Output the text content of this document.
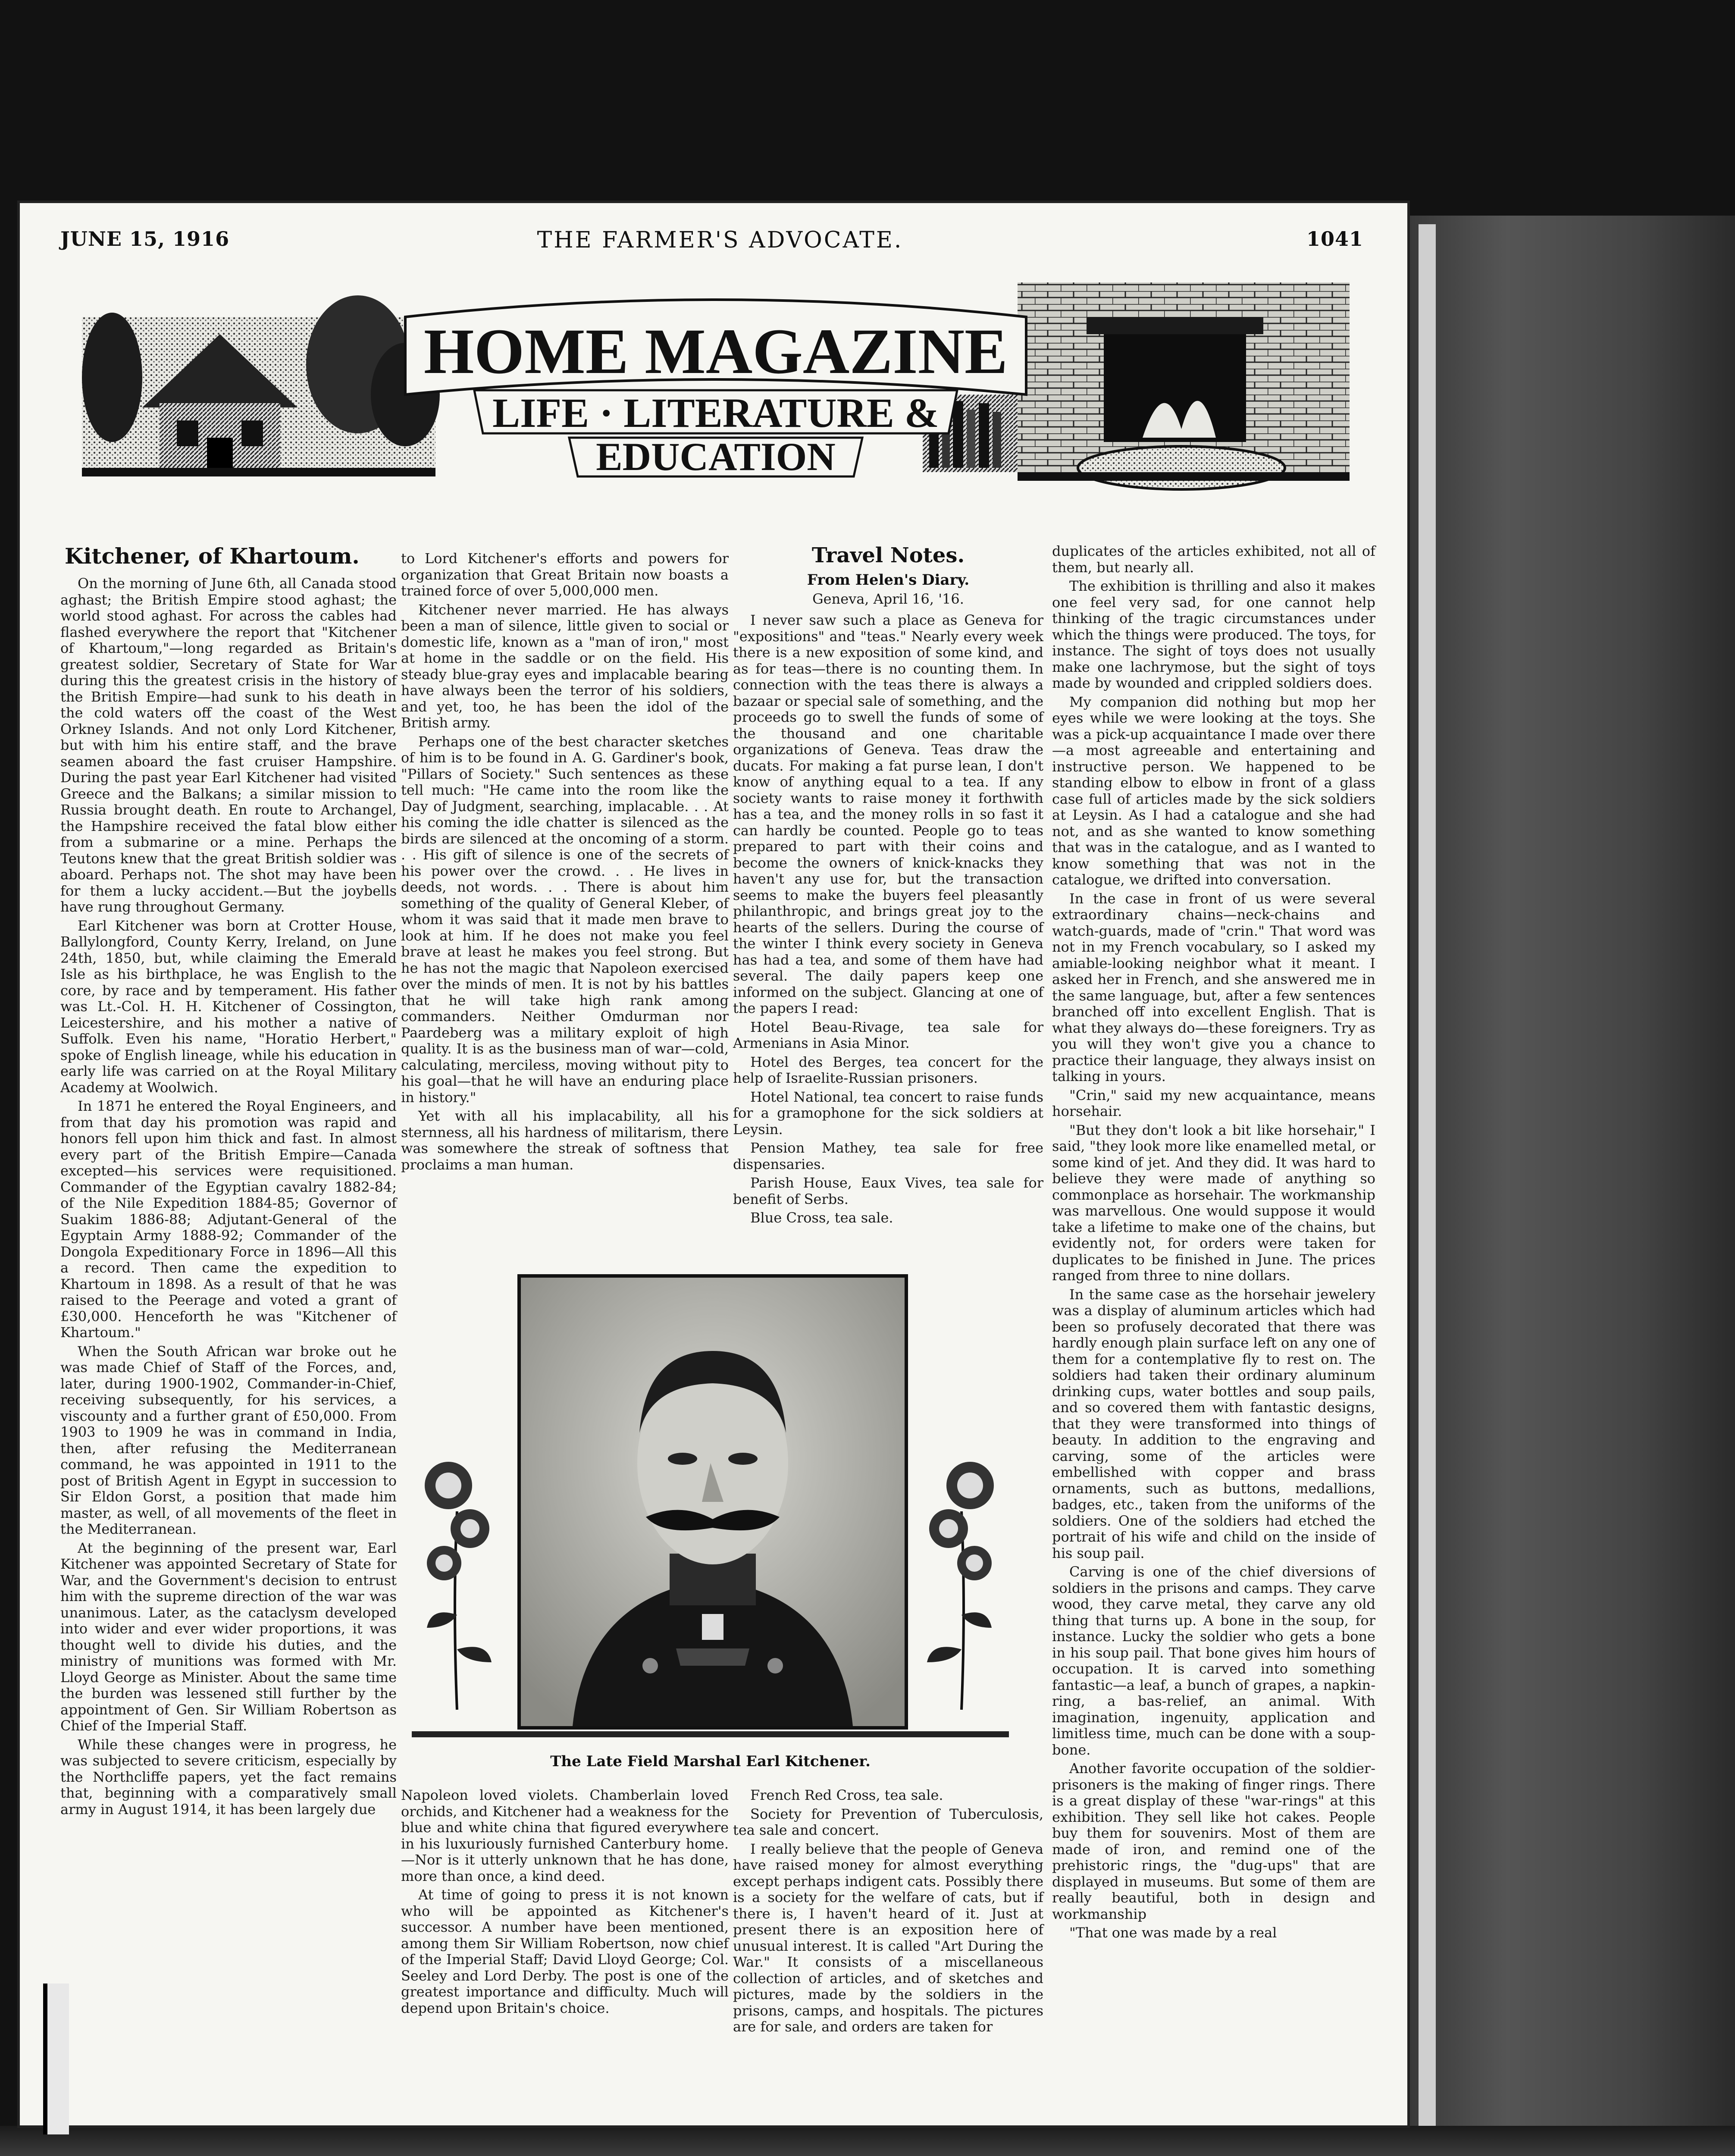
JUNE 15, 1916	THE FARMER'S ADVOCATE.	1041
HOME MAGAZINE
LIFE · LITERATURE &
EDUCATION
Kitchener, of Khartoum.

On the morning of June 6th, all Canada stood aghast; the British Empire stood aghast; the world stood aghast. For across the cables had flashed everywhere the report that "Kitchener of Khartoum,"—long regarded as Britain's greatest soldier, Secretary of State for War during this the greatest crisis in the history of the British Empire—had sunk to his death in the cold waters off the coast of the West Orkney Islands. And not only Lord Kitchener, but with him his entire staff, and the brave seamen aboard the fast cruiser Hampshire. During the past year Earl Kitchener had visited Greece and the Balkans; a similar mission to Russia brought death. En route to Archangel, the Hampshire received the fatal blow either from a submarine or a mine. Perhaps the Teutons knew that the great British soldier was aboard. Perhaps not. The shot may have been for them a lucky accident.—But the joybells have rung throughout Germany.

Earl Kitchener was born at Crotter House, Ballylongford, County Kerry, Ireland, on June 24th, 1850, but, while claiming the Emerald Isle as his birthplace, he was English to the core, by race and by temperament. His father was Lt.-Col. H. H. Kitchener of Cossington, Leicestershire, and his mother a native of Suffolk. Even his name, "Horatio Herbert," spoke of English lineage, while his education in early life was carried on at the Royal Military Academy at Woolwich.

In 1871 he entered the Royal Engineers, and from that day his promotion was rapid and honors fell upon him thick and fast. In almost every part of the British Empire—Canada excepted—his services were requisitioned. Commander of the Egyptian cavalry 1882-84; of the Nile Expedition 1884-85; Governor of Suakim 1886-88; Adjutant-General of the Egyptain Army 1888-92; Commander of the Dongola Expeditionary Force in 1896—All this a record. Then came the expedition to Khartoum in 1898. As a result of that he was raised to the Peerage and voted a grant of £30,000. Henceforth he was "Kitchener of Khartoum."

When the South African war broke out he was made Chief of Staff of the Forces, and, later, during 1900-1902, Commander-in-Chief, receiving subsequently, for his services, a viscounty and a further grant of £50,000. From 1903 to 1909 he was in command in India, then, after refusing the Mediterranean command, he was appointed in 1911 to the post of British Agent in Egypt in succession to Sir Eldon Gorst, a position that made him master, as well, of all movements of the fleet in the Mediterranean.

At the beginning of the present war, Earl Kitchener was appointed Secretary of State for War, and the Government's decision to entrust him with the supreme direction of the war was unanimous. Later, as the cataclysm developed into wider and ever wider proportions, it was thought well to divide his duties, and the ministry of munitions was formed with Mr. Lloyd George as Minister. About the same time the burden was lessened still further by the appointment of Gen. Sir William Robertson as Chief of the Imperial Staff.

While these changes were in progress, he was subjected to severe criticism, especially by the Northcliffe papers, yet the fact remains that, beginning with a comparatively small army in August 1914, it has been largely due

to Lord Kitchener's efforts and powers for organization that Great Britain now boasts a trained force of over 5,000,000 men.

Kitchener never married. He has always been a man of silence, little given to social or domestic life, known as a "man of iron," most at home in the saddle or on the field. His steady blue-gray eyes and implacable bearing have always been the terror of his soldiers, and yet, too, he has been the idol of the British army.

Perhaps one of the best character sketches of him is to be found in A. G. Gardiner's book, "Pillars of Society." Such sentences as these tell much: "He came into the room like the Day of Judgment, searching, implacable. . . At his coming the idle chatter is silenced as the birds are silenced at the oncoming of a storm. . . His gift of silence is one of the secrets of his power over the crowd. . . He lives in deeds, not words. . . There is about him something of the quality of General Kleber, of whom it was said that it made men brave to look at him. If he does not make you feel brave at least he makes you feel strong. But he has not the magic that Napoleon exercised over the minds of men. It is not by his battles that he will take high rank among commanders. Neither Omdurman nor Paardeberg was a military exploit of high quality. It is as the business man of war—cold, calculating, merciless, moving without pity to his goal—that he will have an enduring place in history."

Yet with all his implacability, all his sternness, all his hardness of militarism, there was somewhere the streak of softness that proclaims a man human.

Travel Notes.
From Helen's Diary.
Geneva, April 16, '16.

I never saw such a place as Geneva for "expositions" and "teas." Nearly every week there is a new exposition of some kind, and as for teas—there is no counting them. In connection with the teas there is always a bazaar or special sale of something, and the proceeds go to swell the funds of some of the thousand and one charitable organizations of Geneva. Teas draw the ducats. For making a fat purse lean, I don't know of anything equal to a tea. If any society wants to raise money it forthwith has a tea, and the money rolls in so fast it can hardly be counted. People go to teas prepared to part with their coins and become the owners of knick-knacks they haven't any use for, but the transaction seems to make the buyers feel pleasantly philanthropic, and brings great joy to the hearts of the sellers. During the course of the winter I think every society in Geneva has had a tea, and some of them have had several. The daily papers keep one informed on the subject. Glancing at one of the papers I read:

Hotel Beau-Rivage, tea sale for Armenians in Asia Minor.

Hotel des Berges, tea concert for the help of Israelite-Russian prisoners.

Hotel National, tea concert to raise funds for a gramophone for the sick soldiers at Leysin.

Pension Mathey, tea sale for free dispensaries.

Parish House, Eaux Vives, tea sale for benefit of Serbs.

Blue Cross, tea sale.

duplicates of the articles exhibited, not all of them, but nearly all.

The exhibition is thrilling and also it makes one feel very sad, for one cannot help thinking of the tragic circumstances under which the things were produced. The toys, for instance. The sight of toys does not usually make one lachrymose, but the sight of toys made by wounded and crippled soldiers does.

My companion did nothing but mop her eyes while we were looking at the toys. She was a pick-up acquaintance I made over there—a most agreeable and entertaining and instructive person. We happened to be standing elbow to elbow in front of a glass case full of articles made by the sick soldiers at Leysin. As I had a catalogue and she had not, and as she wanted to know something that was in the catalogue, and as I wanted to know something that was not in the catalogue, we drifted into conversation.

In the case in front of us were several extraordinary chains—neck-chains and watch-guards, made of "crin." That word was not in my French vocabulary, so I asked my amiable-looking neighbor what it meant. I asked her in French, and she answered me in the same language, but, after a few sentences branched off into excellent English. That is what they always do—these foreigners. Try as you will they won't give you a chance to practice their language, they always insist on talking in yours.

"Crin," said my new acquaintance, means horsehair.

"But they don't look a bit like horsehair," I said, "they look more like enamelled metal, or some kind of jet. And they did. It was hard to believe they were made of anything so commonplace as horsehair. The workmanship was marvellous. One would suppose it would take a lifetime to make one of the chains, but evidently not, for orders were taken for duplicates to be finished in June. The prices ranged from three to nine dollars.

In the same case as the horsehair jewelery was a display of aluminum articles which had been so profusely decorated that there was hardly enough plain surface left on any one of them for a contemplative fly to rest on. The soldiers had taken their ordinary aluminum drinking cups, water bottles and soup pails, and so covered them with fantastic designs, that they were transformed into things of beauty. In addition to the engraving and carving, some of the articles were embellished with copper and brass ornaments, such as buttons, medallions, badges, etc., taken from the uniforms of the soldiers. One of the soldiers had etched the portrait of his wife and child on the inside of his soup pail.

Carving is one of the chief diversions of soldiers in the prisons and camps. They carve wood, they carve metal, they carve any old thing that turns up. A bone in the soup, for instance. Lucky the soldier who gets a bone in his soup pail. That bone gives him hours of occupation. It is carved into something fantastic—a leaf, a bunch of grapes, a napkin-ring, a bas-relief, an animal. With imagination, ingenuity, application and limitless time, much can be done with a soup-bone.

Another favorite occupation of the soldier-prisoners is the making of finger rings. There is a great display of these "war-rings" at this exhibition. They sell like hot cakes. People buy them for souvenirs. Most of them are made of iron, and remind one of the prehistoric rings, the "dug-ups" that are displayed in museums. But some of them are really beautiful, both in design and workmanship

"That one was made by a real

The Late Field Marshal Earl Kitchener.

Napoleon loved violets. Chamberlain loved orchids, and Kitchener had a weakness for the blue and white china that figured everywhere in his luxuriously furnished Canterbury home. —Nor is it utterly unknown that he has done, more than once, a kind deed.

At time of going to press it is not known who will be appointed as Kitchener's successor. A number have been mentioned, among them Sir William Robertson, now chief of the Imperial Staff; David Lloyd George; Col. Seeley and Lord Derby. The post is one of the greatest importance and difficulty. Much will depend upon Britain's choice.

French Red Cross, tea sale.

Society for Prevention of Tuberculosis, tea sale and concert.

I really believe that the people of Geneva have raised money for almost everything except perhaps indigent cats. Possibly there is a society for the welfare of cats, but if there is, I haven't heard of it. Just at present there is an exposition here of unusual interest. It is called "Art During the War." It consists of a miscellaneous collection of articles, and of sketches and pictures, made by the soldiers in the prisons, camps, and hospitals. The pictures are for sale, and orders are taken for
